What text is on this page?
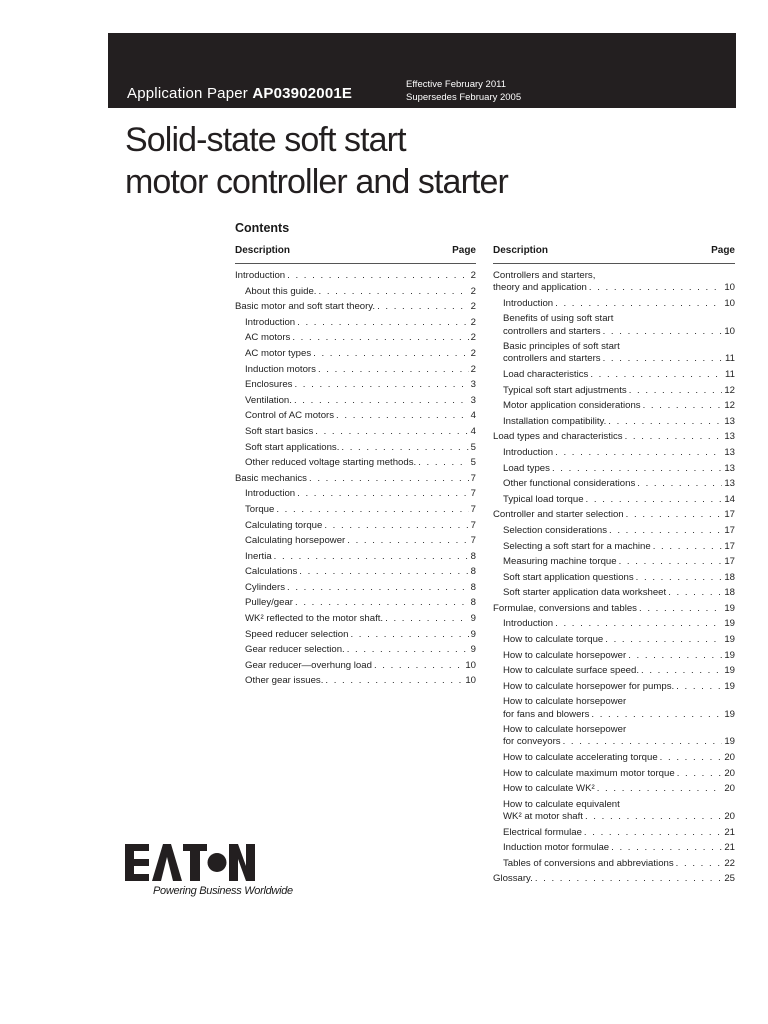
Application Paper AP03902001E
Effective February 2011
Supersedes February 2005
Solid-state soft start
motor controller and starter
Contents
Description	Page
Introduction . . .	2
About this guide. . . .	2
Basic motor and soft start theory. . . .	2
Introduction . . .	2
AC motors . . .	2
AC motor types . . .	2
Induction motors . . .	2
Enclosures . . .	3
Ventilation. . . .	3
Control of AC motors . . .	4
Soft start basics . . .	4
Soft start applications. . . .	5
Other reduced voltage starting methods. . . .	5
Basic mechanics . . .	7
Introduction . . .	7
Torque . . .	7
Calculating torque . . .	7
Calculating horsepower . . .	7
Inertia . . .	8
Calculations . . .	8
Cylinders . . .	8
Pulley/gear . . .	8
WK² reflected to the motor shaft. . . .	9
Speed reducer selection . . .	9
Gear reducer selection. . . .	9
Gear reducer—overhung load . . .	10
Other gear issues. . . .	10
Description	Page
Controllers and starters,
theory and application . . .	10
Introduction . . .	10
Benefits of using soft start
controllers and starters . . .	10
Basic principles of soft start
controllers and starters . . .	11
Load characteristics . . .	11
Typical soft start adjustments . . .	12
Motor application considerations . . .	12
Installation compatibility. . . .	13
Load types and characteristics . . .	13
Introduction . . .	13
Load types . . .	13
Other functional considerations . . .	13
Typical load torque . . .	14
Controller and starter selection . . .	17
Selection considerations . . .	17
Selecting a soft start for a machine . . .	17
Measuring machine torque . . .	17
Soft start application questions . . .	18
Soft starter application data worksheet . . .	18
Formulae, conversions and tables . . .	19
Introduction . . .	19
How to calculate torque . . .	19
How to calculate horsepower . . .	19
How to calculate surface speed. . . .	19
How to calculate horsepower for pumps. . . .	19
How to calculate horsepower
for fans and blowers . . .	19
How to calculate horsepower
for conveyors . . .	19
How to calculate accelerating torque . . .	20
How to calculate maximum motor torque . . .	20
How to calculate WK² . . .	20
How to calculate equivalent
WK² at motor shaft . . .	20
Electrical formulae . . .	21
Induction motor formulae . . .	21
Tables of conversions and abbreviations . . .	22
Glossary. . . .	25
Powering Business Worldwide
